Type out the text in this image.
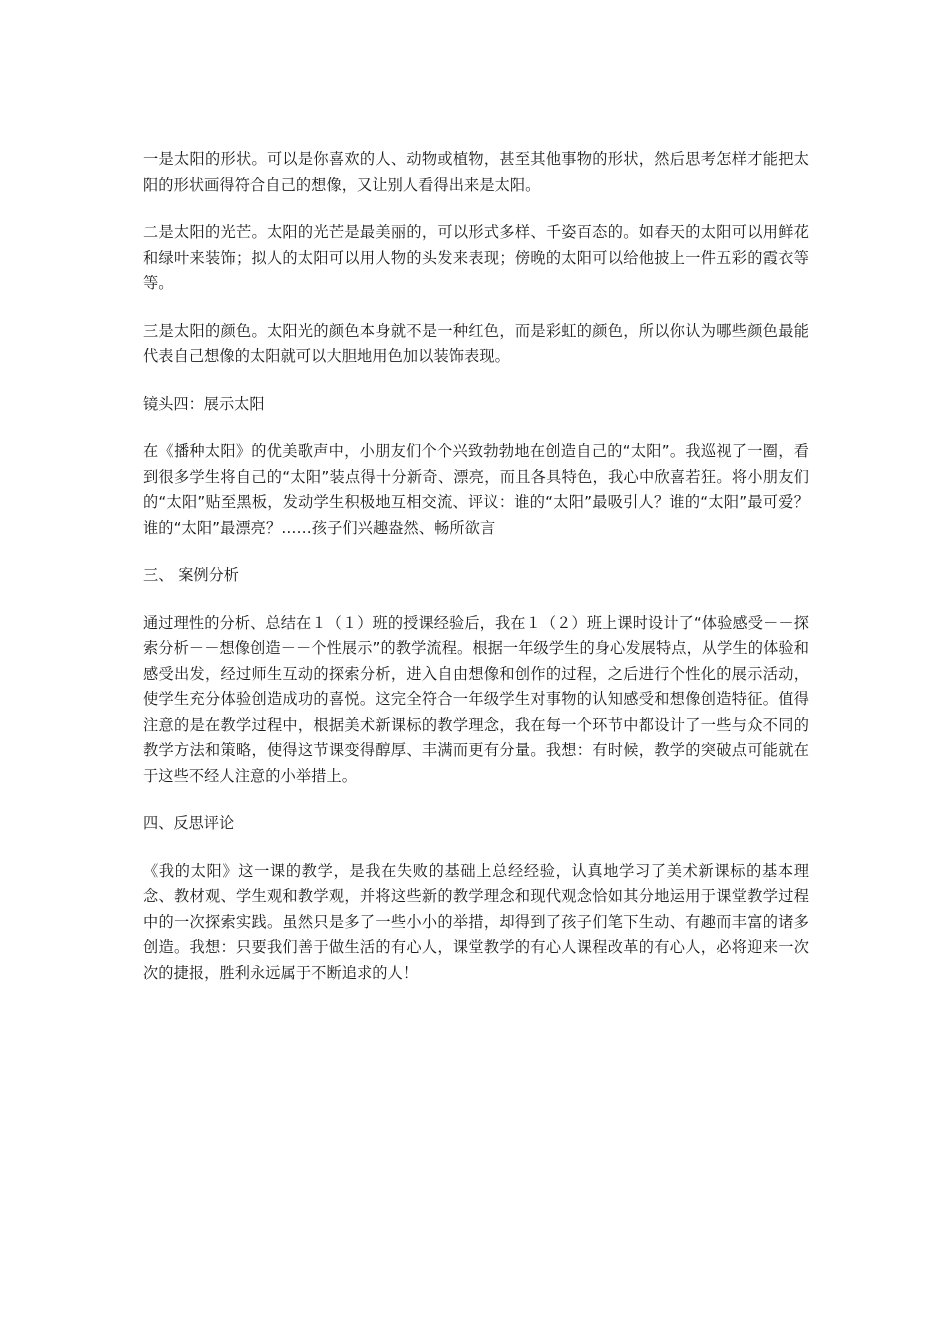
一是太阳的形状。可以是你喜欢的人、动物或植物，甚至其他事物的形状，然后思考怎样才能把太阳的形状画得符合自己的想像，又让别人看得出来是太阳。

二是太阳的光芒。太阳的光芒是最美丽的，可以形式多样、千姿百态的。如春天的太阳可以用鲜花和绿叶来装饰；拟人的太阳可以用人物的头发来表现；傍晚的太阳可以给他披上一件五彩的霞衣等等。

三是太阳的颜色。太阳光的颜色本身就不是一种红色，而是彩虹的颜色，所以你认为哪些颜色最能代表自己想像的太阳就可以大胆地用色加以装饰表现。

镜头四：展示太阳

在《播种太阳》的优美歌声中，小朋友们个个兴致勃勃地在创造自己的“太阳”。我巡视了一圈，看到很多学生将自己的“太阳”装点得十分新奇、漂亮，而且各具特色，我心中欣喜若狂。将小朋友们的“太阳”贴至黑板，发动学生积极地互相交流、评议：谁的“太阳”最吸引人？谁的“太阳”最可爱？谁的“太阳”最漂亮？……孩子们兴趣盎然、畅所欲言

三、 案例分析

通过理性的分析、总结在１（１）班的授课经验后，我在１（２）班上课时设计了“体验感受－－探索分析－－想像创造－－个性展示”的教学流程。根据一年级学生的身心发展特点，从学生的体验和感受出发，经过师生互动的探索分析，进入自由想像和创作的过程，之后进行个性化的展示活动，使学生充分体验创造成功的喜悦。这完全符合一年级学生对事物的认知感受和想像创造特征。值得注意的是在教学过程中，根据美术新课标的教学理念，我在每一个环节中都设计了一些与众不同的教学方法和策略，使得这节课变得醇厚、丰满而更有分量。我想：有时候，教学的突破点可能就在于这些不经人注意的小举措上。

四、反思评论

《我的太阳》这一课的教学，是我在失败的基础上总经经验，认真地学习了美术新课标的基本理念、教材观、学生观和教学观，并将这些新的教学理念和现代观念恰如其分地运用于课堂教学过程中的一次探索实践。虽然只是多了一些小小的举措，却得到了孩子们笔下生动、有趣而丰富的诸多创造。我想：只要我们善于做生活的有心人，课堂教学的有心人课程改革的有心人，必将迎来一次次的捷报，胜利永远属于不断追求的人！
